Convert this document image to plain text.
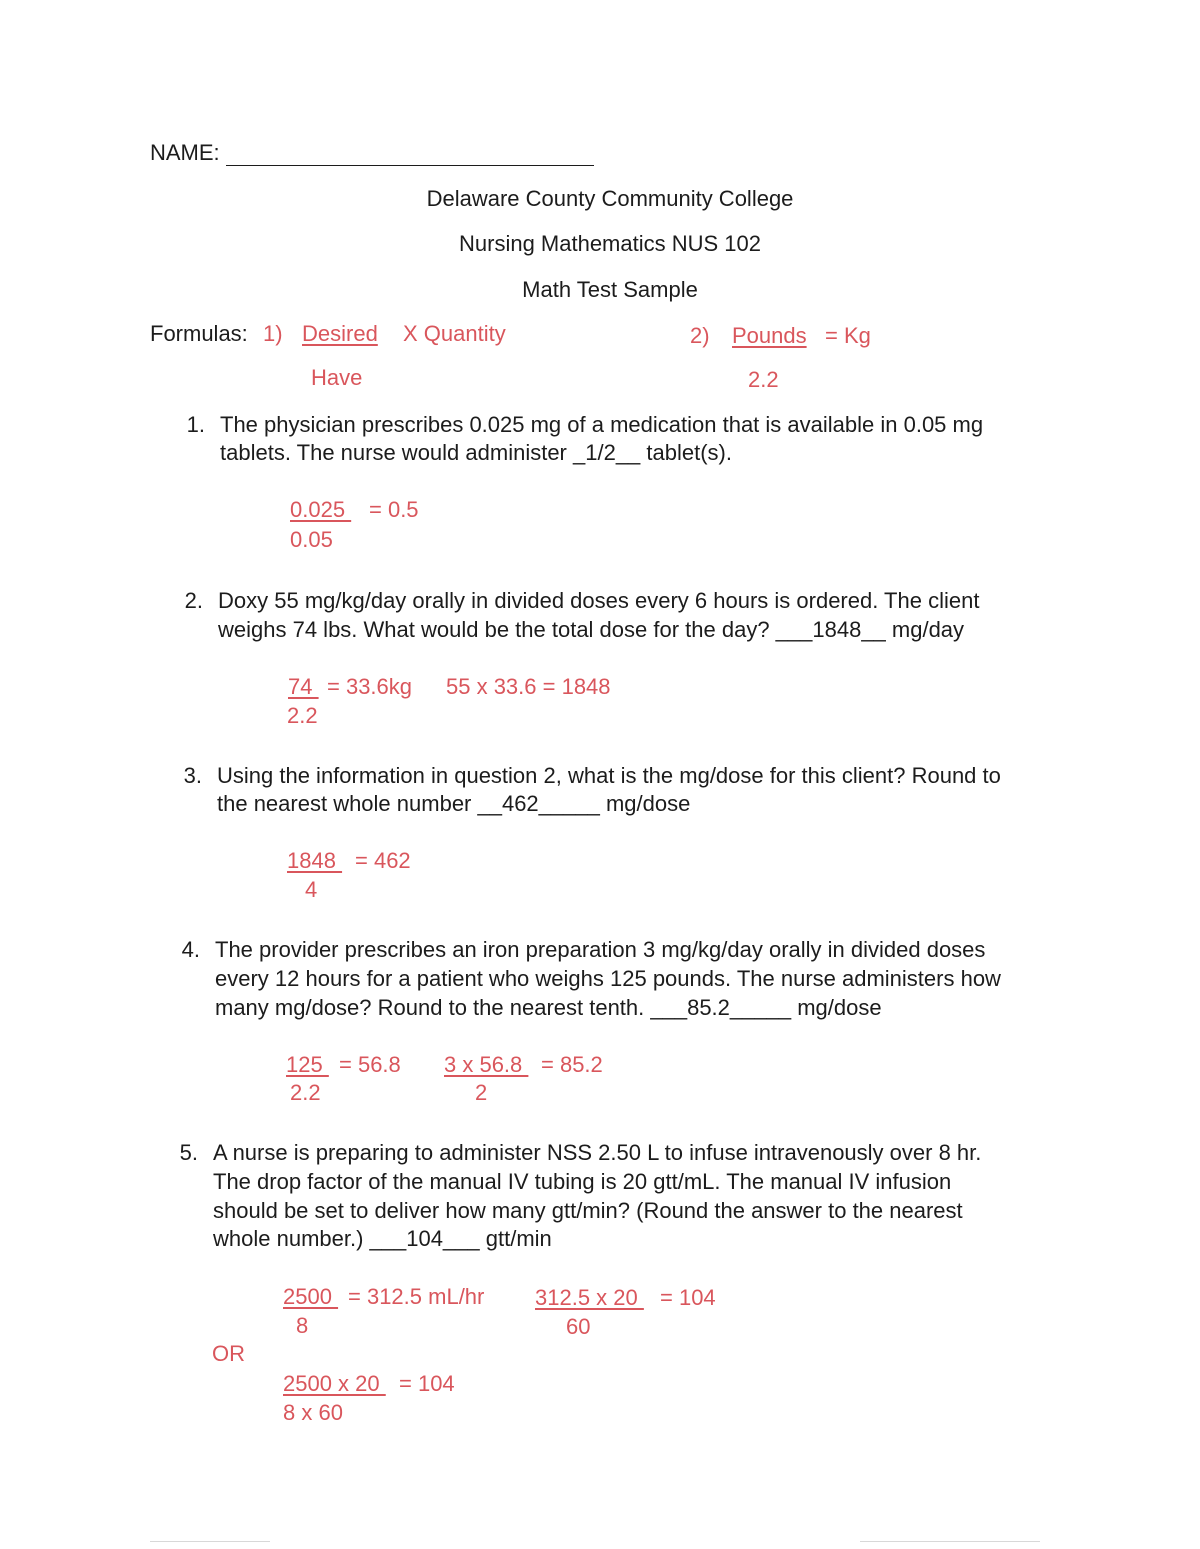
NAME:
Delaware County Community College
Nursing Mathematics NUS 102
Math Test Sample
Formulas: 1) Desired X Quantity
Have
2) Pounds = Kg
2.2
1. The physician prescribes 0.025 mg of a medication that is available in 0.05 mg
tablets. The nurse would administer _1/2__ tablet(s).
0.025 = 0.5
0.05
2. Doxy 55 mg/kg/day orally in divided doses every 6 hours is ordered. The client
weighs 74 lbs. What would be the total dose for the day? ___1848__ mg/day
74 = 33.6kg 55 x 33.6 = 1848
2.2
3. Using the information in question 2, what is the mg/dose for this client? Round to
the nearest whole number __462_____ mg/dose
1848 = 462
4
4. The provider prescribes an iron preparation 3 mg/kg/day orally in divided doses
every 12 hours for a patient who weighs 125 pounds. The nurse administers how
many mg/dose? Round to the nearest tenth. ___85.2_____ mg/dose
125 = 56.8
2.2
3 x 56.8 = 85.2
2
5. A nurse is preparing to administer NSS 2.50 L to infuse intravenously over 8 hr.
The drop factor of the manual IV tubing is 20 gtt/mL. The manual IV infusion
should be set to deliver how many gtt/min? (Round the answer to the nearest
whole number.) ___104___ gtt/min
2500 = 312.5 mL/hr
8
312.5 x 20 = 104
60
OR
2500 x 20 = 104
8 x 60
